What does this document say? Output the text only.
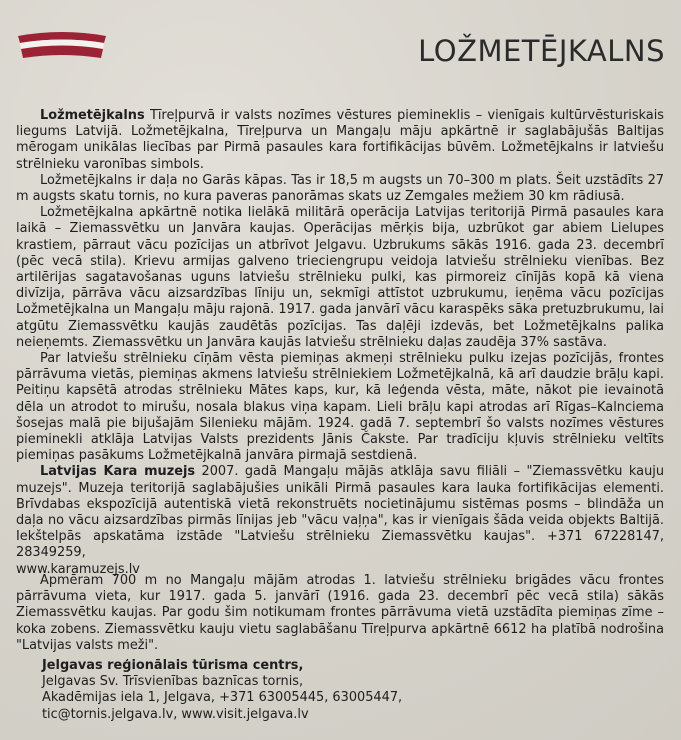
LOŽMETĒJKALNS

Ložmetējkalns Tīreļpurvā ir valsts nozīmes vēstures piemineklis – vienīgais kultūrvēsturiskais liegums Latvijā. Ložmetējkalna, Tīreļpurva un Mangaļu māju apkārtnē ir saglabājušās Baltijas mērogam unikālas liecības par Pirmā pasaules kara fortifikācijas būvēm. Ložmetējkalns ir latviešu strēlnieku varonības simbols.

Ložmetējkalns ir daļa no Garās kāpas. Tas ir 18,5 m augsts un 70–300 m plats. Šeit uzstādīts 27 m augsts skatu tornis, no kura paveras panorāmas skats uz Zemgales mežiem 30 km rādiusā.

Ložmetējkalna apkārtnē notika lielākā militārā operācija Latvijas teritorijā Pirmā pasaules kara laikā – Ziemassvētku un Janvāra kaujas. Operācijas mērķis bija, uzbrūkot gar abiem Lielupes krastiem, pārraut vācu pozīcijas un atbrīvot Jelgavu. Uzbrukums sākās 1916. gada 23. decembrī (pēc vecā stila). Krievu armijas galveno trieciengrupu veidoja latviešu strēlnieku vienības. Bez artilērijas sagatavošanas uguns latviešu strēlnieku pulki, kas pirmoreiz cīnījās kopā kā viena divīzija, pārrāva vācu aizsardzības līniju un, sekmīgi attīstot uzbrukumu, ieņēma vācu pozīcijas Ložmetējkalna un Mangaļu māju rajonā. 1917. gada janvārī vācu karaspēks sāka pretuzbrukumu, lai atgūtu Ziemassvētku kaujās zaudētās pozīcijas. Tas daļēji izdevās, bet Ložmetējkalns palika neieņemts. Ziemassvētku un Janvāra kaujās latviešu strēlnieku daļas zaudēja 37% sastāva.

Par latviešu strēlnieku cīņām vēsta piemiņas akmeņi strēlnieku pulku izejas pozīcijās, frontes pārrāvuma vietās, piemiņas akmens latviešu strēlniekiem Ložmetējkalnā, kā arī daudzie brāļu kapi. Peitiņu kapsētā atrodas strēlnieku Mātes kaps, kur, kā leģenda vēsta, māte, nākot pie ievainotā dēla un atrodot to mirušu, nosala blakus viņa kapam. Lieli brāļu kapi atrodas arī Rīgas–Kalnciema šosejas malā pie bijušajām Silenieku mājām. 1924. gadā 7. septembrī šo valsts nozīmes vēstures pieminekli atklāja Latvijas Valsts prezidents Jānis Čakste. Par tradīciju kļuvis strēlnieku veltīts piemiņas pasākums Ložmetējkalnā janvāra pirmajā sestdienā.

Latvijas Kara muzejs 2007. gadā Mangaļu mājās atklāja savu filiāli – "Ziemassvētku kauju muzejs". Muzeja teritorijā saglabājušies unikāli Pirmā pasaules kara lauka fortifikācijas elementi. Brīvdabas ekspozīcijā autentiskā vietā rekonstruēts nocietinājumu sistēmas posms – blindāža un daļa no vācu aizsardzības pirmās līnijas jeb "vācu vaļņa", kas ir vienīgais šāda veida objekts Baltijā. Iekštelpās apskatāma izstāde "Latviešu strēlnieku Ziemassvētku kaujas". +371 67228147, 28349259,
www.karamuzejs.lv

Apmēram 700 m no Mangaļu mājām atrodas 1. latviešu strēlnieku brigādes vācu frontes pārrāvuma vieta, kur 1917. gada 5. janvārī (1916. gada 23. decembrī pēc vecā stila) sākās Ziemassvētku kaujas. Par godu šim notikumam frontes pārrāvuma vietā uzstādīta piemiņas zīme – koka zobens. Ziemassvētku kauju vietu saglabāšanu Tīreļpurva apkārtnē 6612 ha platībā nodrošina "Latvijas valsts meži".

Jelgavas reģionālais tūrisma centrs,
Jelgavas Sv. Trīsvienības baznīcas tornis,
Akadēmijas iela 1, Jelgava, +371 63005445, 63005447,
tic@tornis.jelgava.lv, www.visit.jelgava.lv
